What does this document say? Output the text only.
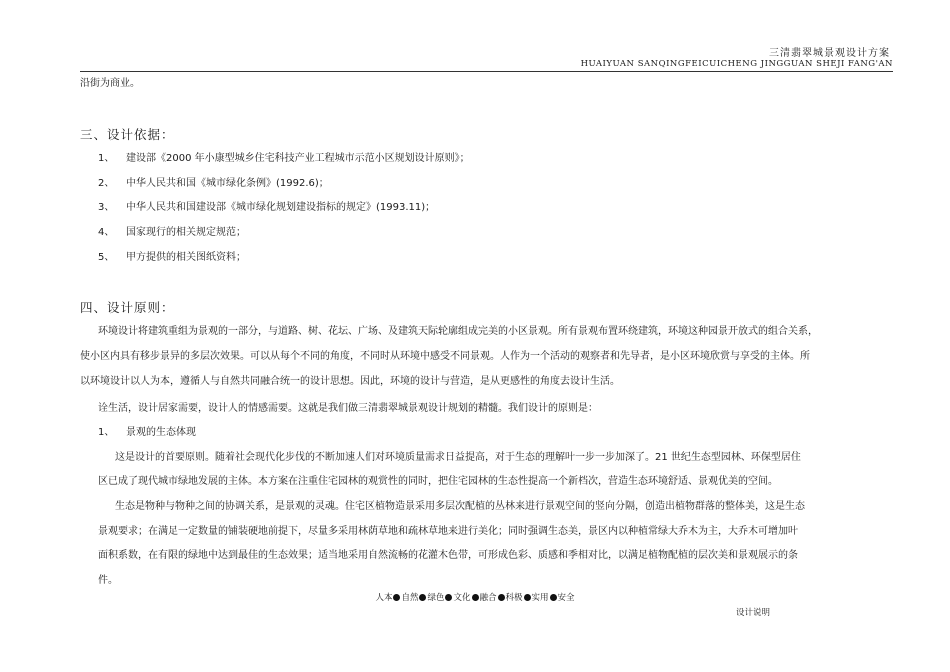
三清翡翠城景观设计方案
HUAIYUAN SANQINGFEICUICHENG JINGGUAN SHEJI FANG'AN
沿街为商业。
三、设计依据：
1、 建设部《2000 年小康型城乡住宅科技产业工程城市示范小区规划设计原则》；
2、 中华人民共和国《城市绿化条例》(1992.6)；
3、 中华人民共和国建设部《城市绿化规划建设指标的规定》(1993.11)；
4、 国家现行的相关规定规范；
5、 甲方提供的相关图纸资料；
四、设计原则：
环境设计将建筑重组为景观的一部分，与道路、树、花坛、广场、及建筑天际轮廓组成完美的小区景观。所有景观布置环绕建筑，环境这种园景开放式的组合关系，
使小区内具有移步景异的多层次效果。可以从每个不同的角度，不同时从环境中感受不同景观。人作为一个活动的观察者和先导者，是小区环境欣赏与享受的主体。所
以环境设计以人为本，遵循人与自然共同融合统一的设计思想。因此，环境的设计与营造，是从更感性的角度去设计生活。
诠生活，设计居家需要，设计人的情感需要。这就是我们做三清翡翠城景观设计规划的精髓。我们设计的原则是：
1、 景观的生态体现
这是设计的首要原则。随着社会现代化步伐的不断加速人们对环境质量需求日益提高，对于生态的理解叶一步一步加深了。21 世纪生态型园林、环保型居住
区已成了现代城市绿地发展的主体。本方案在注重住宅园林的观赏性的同时，把住宅园林的生态性提高一个新档次，营造生态环境舒适、景观优美的空间。
生态是物种与物种之间的协调关系，是景观的灵魂。住宅区植物造景采用多层次配植的丛林来进行景观空间的竖向分隔，创造出植物群落的整体美，这是生态
景观要求；在满足一定数量的铺装硬地前提下，尽量多采用林荫草地和疏林草地来进行美化；同时强调生态美，景区内以种植常绿大乔木为主，大乔木可增加叶
面积系数，在有限的绿地中达到最佳的生态效果；适当地采用自然流畅的花灌木色带，可形成色彩、质感和季相对比，以满足植物配植的层次美和景观展示的条
件。
人本 自然 绿色 文化 融合 科极 实用 安全
设计说明
